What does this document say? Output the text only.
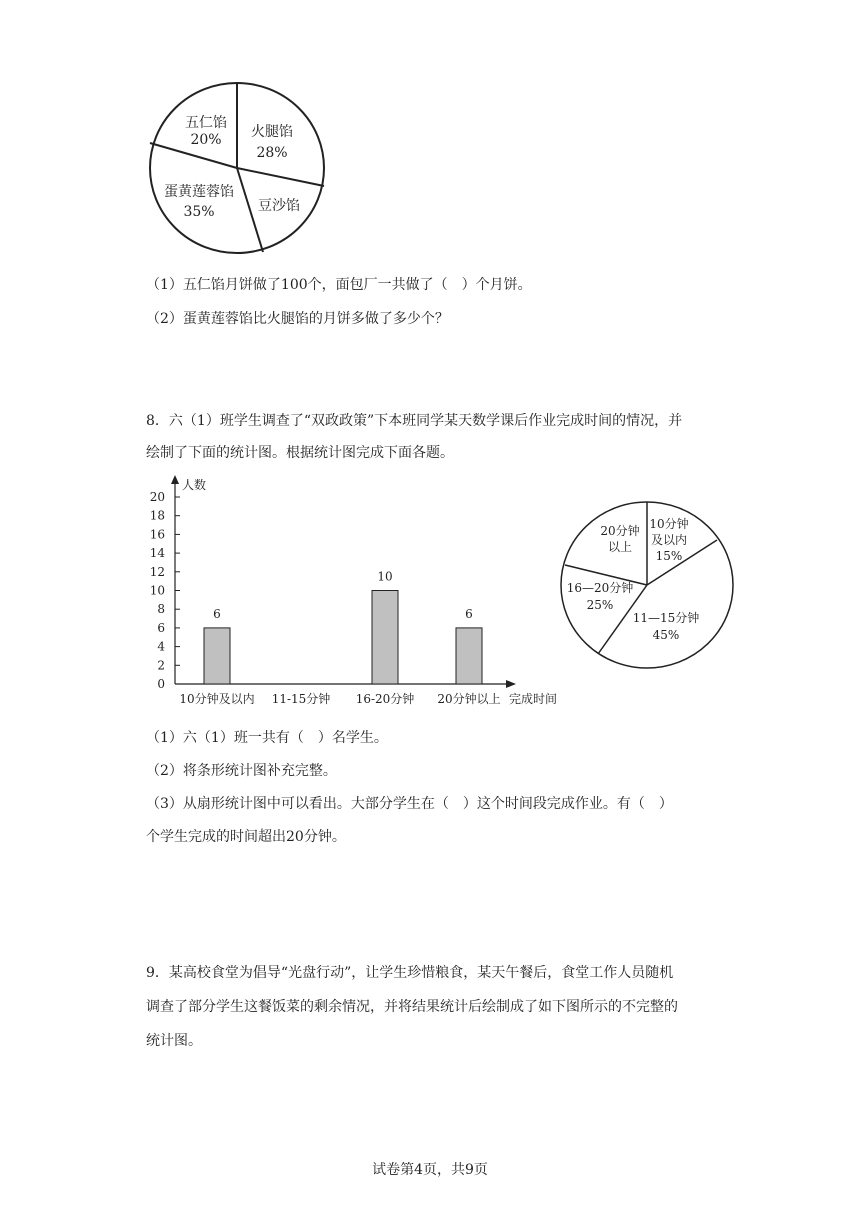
五仁馅
20% 火腿馅
28%
豆沙馅
蛋黄莲蓉馅
35%
（1）五仁馅月饼做了100个，面包厂一共做了（　）个月饼。
（2）蛋黄莲蓉馅比火腿馅的月饼多做了多少个？
8．六（1）班学生调查了“双政政策”下本班同学某天数学课后作业完成时间的情况，并
绘制了下面的统计图。根据统计图完成下面各题。
人数
完成时间
0
2
4
6
8
10
12
14
16
18
20
6
10
6
10分钟及以内 11-15分钟 16-20分钟 20分钟以上
10分钟
及以内
15%
11—15分钟
45%
16—20分钟
25%
20分钟
以上
（1）六（1）班一共有（　）名学生。
（2）将条形统计图补充完整。
（3）从扇形统计图中可以看出。大部分学生在（　）这个时间段完成作业。有（　）
个学生完成的时间超出20分钟。
9．某高校食堂为倡导“光盘行动”，让学生珍惜粮食，某天午餐后，食堂工作人员随机
调查了部分学生这餐饭菜的剩余情况，并将结果统计后绘制成了如下图所示的不完整的
统计图。
试卷第4页，共9页
